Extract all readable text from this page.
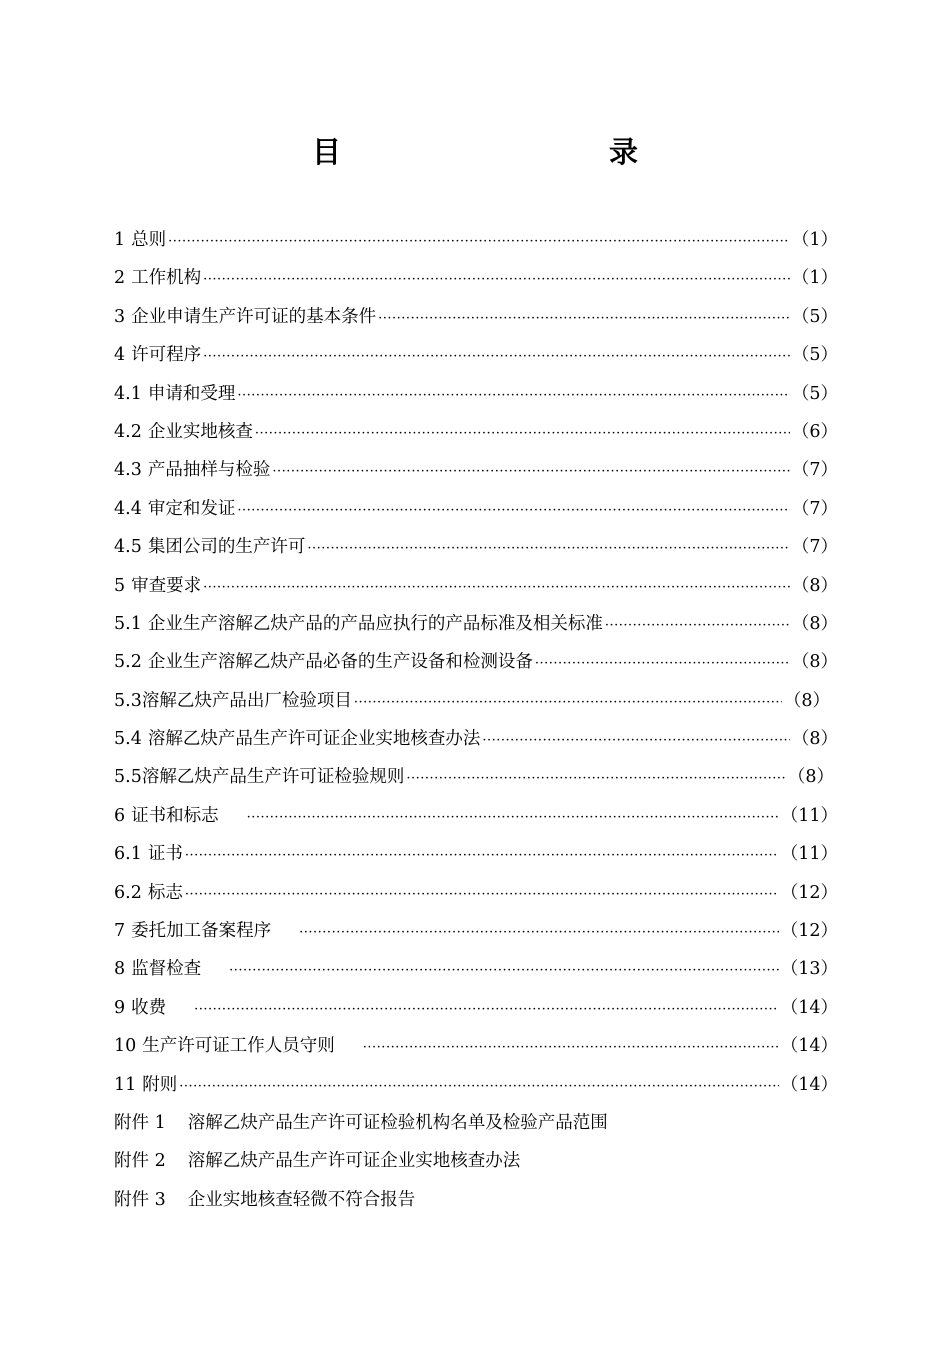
目　　录
1 总则 ·····	（1）
2 工作机构 ·····	（1）
3 企业申请生产许可证的基本条件 ·····	（5）
4 许可程序 ·····	（5）
4.1 申请和受理 ·····	（5）
4.2 企业实地核查 ·····	（6）
4.3 产品抽样与检验 ·····	（7）
4.4 审定和发证 ·····	（7）
4.5 集团公司的生产许可 ·····	（7）
5 审查要求 ·····	（8）
5.1 企业生产溶解乙炔产品的产品应执行的产品标准及相关标准 ·····	（8）
5.2 企业生产溶解乙炔产品必备的生产设备和检测设备 ·····	（8）
5.3 溶解乙炔产品出厂检验项目 ·····	（8）
5.4 溶解乙炔产品生产许可证企业实地核查办法 ·····	（8）
5.5 溶解乙炔产品生产许可证检验规则 ·····	（8）
6 证书和标志 ·····	（11）
6.1 证书 ·····	（11）
6.2 标志 ·····	（12）
7 委托加工备案程序 ·····	（12）
8 监督检查 ·····	（13）
9 收费 ·····	（14）
10 生产许可证工作人员守则 ·····	（14）
11 附则 ·····	（14）
附件 1	溶解乙炔产品生产许可证检验机构名单及检验产品范围
附件 2	溶解乙炔产品生产许可证企业实地核查办法
附件 3	企业实地核查轻微不符合报告
